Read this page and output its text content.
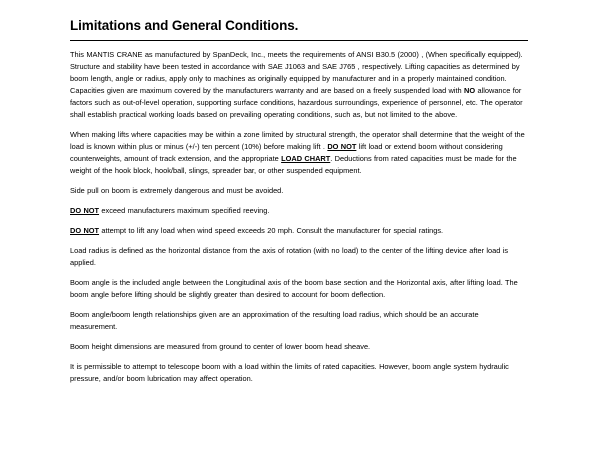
Limitations and General Conditions.

This MANTIS CRANE as manufactured by SpanDeck, Inc., meets the requirements of ANSI B30.5 (2000) , (When specifically equipped). Structure and stability have been tested in accordance with SAE J1063 and SAE J765 , respectively. Lifting capacities as determined by boom length, angle or radius, apply only to machines as originally equipped by manufacturer and in a properly maintained condition. Capacities given are maximum covered by the manufacturers warranty and are based on a freely suspended load with NO allowance for factors such as out-of-level operation, supporting surface conditions, hazardous surroundings, experience of personnel, etc. The operator shall establish practical working loads based on prevailing operating conditions, such as, but not limited to the above.

When making lifts where capacities may be within a zone limited by structural strength, the operator shall determine that the weight of the load is known within plus or minus (+/-) ten percent (10%) before making lift . DO NOT lift load or extend boom without considering counterweights, amount of track extension, and the appropriate LOAD CHART. Deductions from rated capacities must be made for the weight of the hook block, hook/ball, slings, spreader bar, or other suspended equipment.

Side pull on boom is extremely dangerous and must be avoided.

DO NOT exceed manufacturers maximum specified reeving.

DO NOT attempt to lift any load when wind speed exceeds 20 mph. Consult the manufacturer for special ratings.

Load radius is defined as the horizontal distance from the axis of rotation (with no load) to the center of the lifting device after load is applied.

Boom angle is the included angle between the Longitudinal axis of the boom base section and the Horizontal axis, after lifting load. The boom angle before lifting should be slightly greater than desired to account for boom deflection.

Boom angle/boom length relationships given are an approximation of the resulting load radius, which should be an accurate measurement.

Boom height dimensions are measured from ground to center of lower boom head sheave.

It is permissible to attempt to telescope boom with a load within the limits of rated capacities. However, boom angle system hydraulic pressure, and/or boom lubrication may affect operation.
